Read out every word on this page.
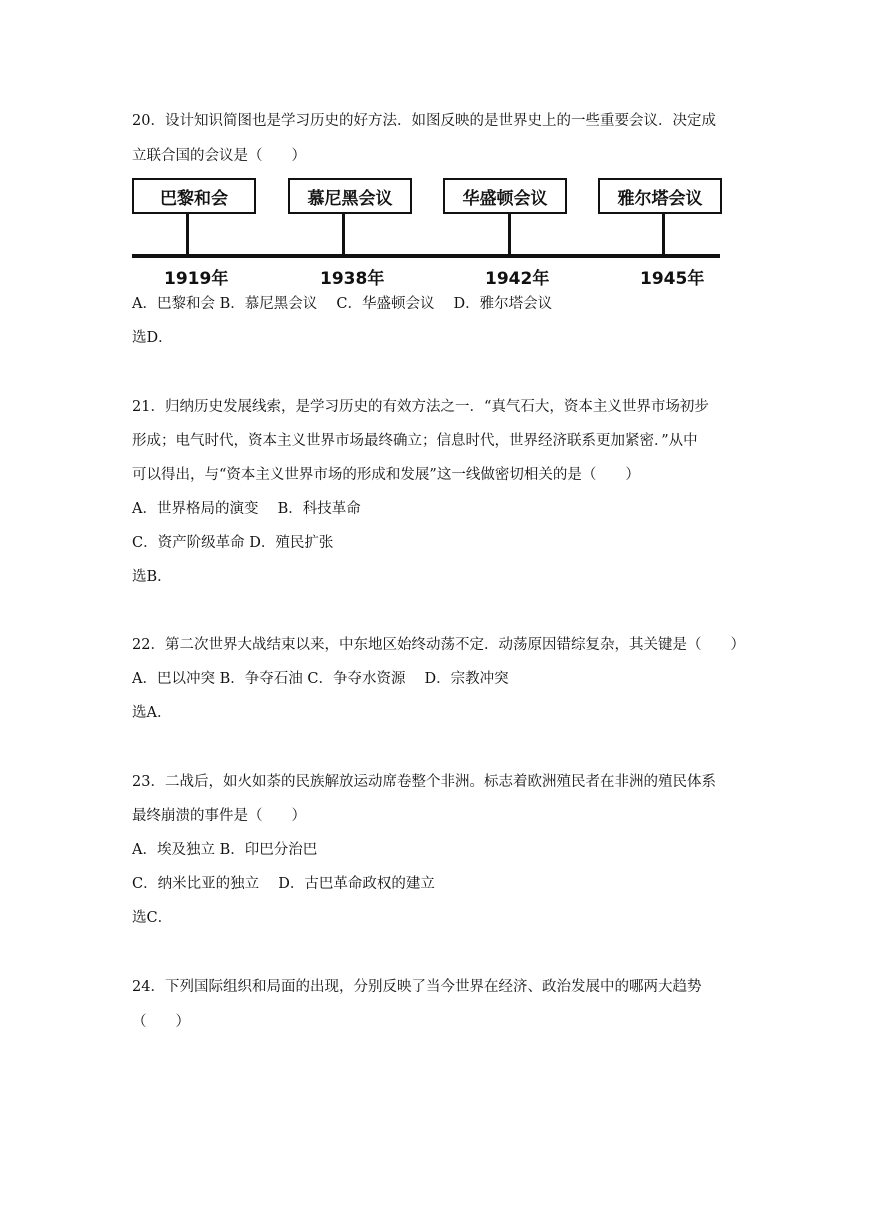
20．设计知识简图也是学习历史的好方法．如图反映的是世界史上的一些重要会议．决定成

立联合国的会议是（　　）

巴黎和会	慕尼黑会议	华盛顿会议	雅尔塔会议
1919年	1938年	1942年	1945年

A．巴黎和会 B．慕尼黑会议　 C．华盛顿会议　 D．雅尔塔会议

选D．

21．归纳历史发展线索，是学习历史的有效方法之一．“真气石大，资本主义世界市场初步

形成；电气时代，资本主义世界市场最终确立；信息时代，世界经济联系更加紧密．”从中

可以得出，与“资本主义世界市场的形成和发展”这一线做密切相关的是（　　）

A．世界格局的演变　 B．科技革命

C．资产阶级革命 D．殖民扩张

选B．

22．第二次世界大战结束以来，中东地区始终动荡不定．动荡原因错综复杂，其关键是（　　）

A．巴以冲突 B．争夺石油 C．争夺水资源　 D．宗教冲突

选A．

23．二战后，如火如荼的民族解放运动席卷整个非洲。标志着欧洲殖民者在非洲的殖民体系

最终崩溃的事件是（　　）

A．埃及独立 B．印巴分治巴

C．纳米比亚的独立　 D．古巴革命政权的建立

选C．

24．下列国际组织和局面的出现，分别反映了当今世界在经济、政治发展中的哪两大趋势

（　　）
